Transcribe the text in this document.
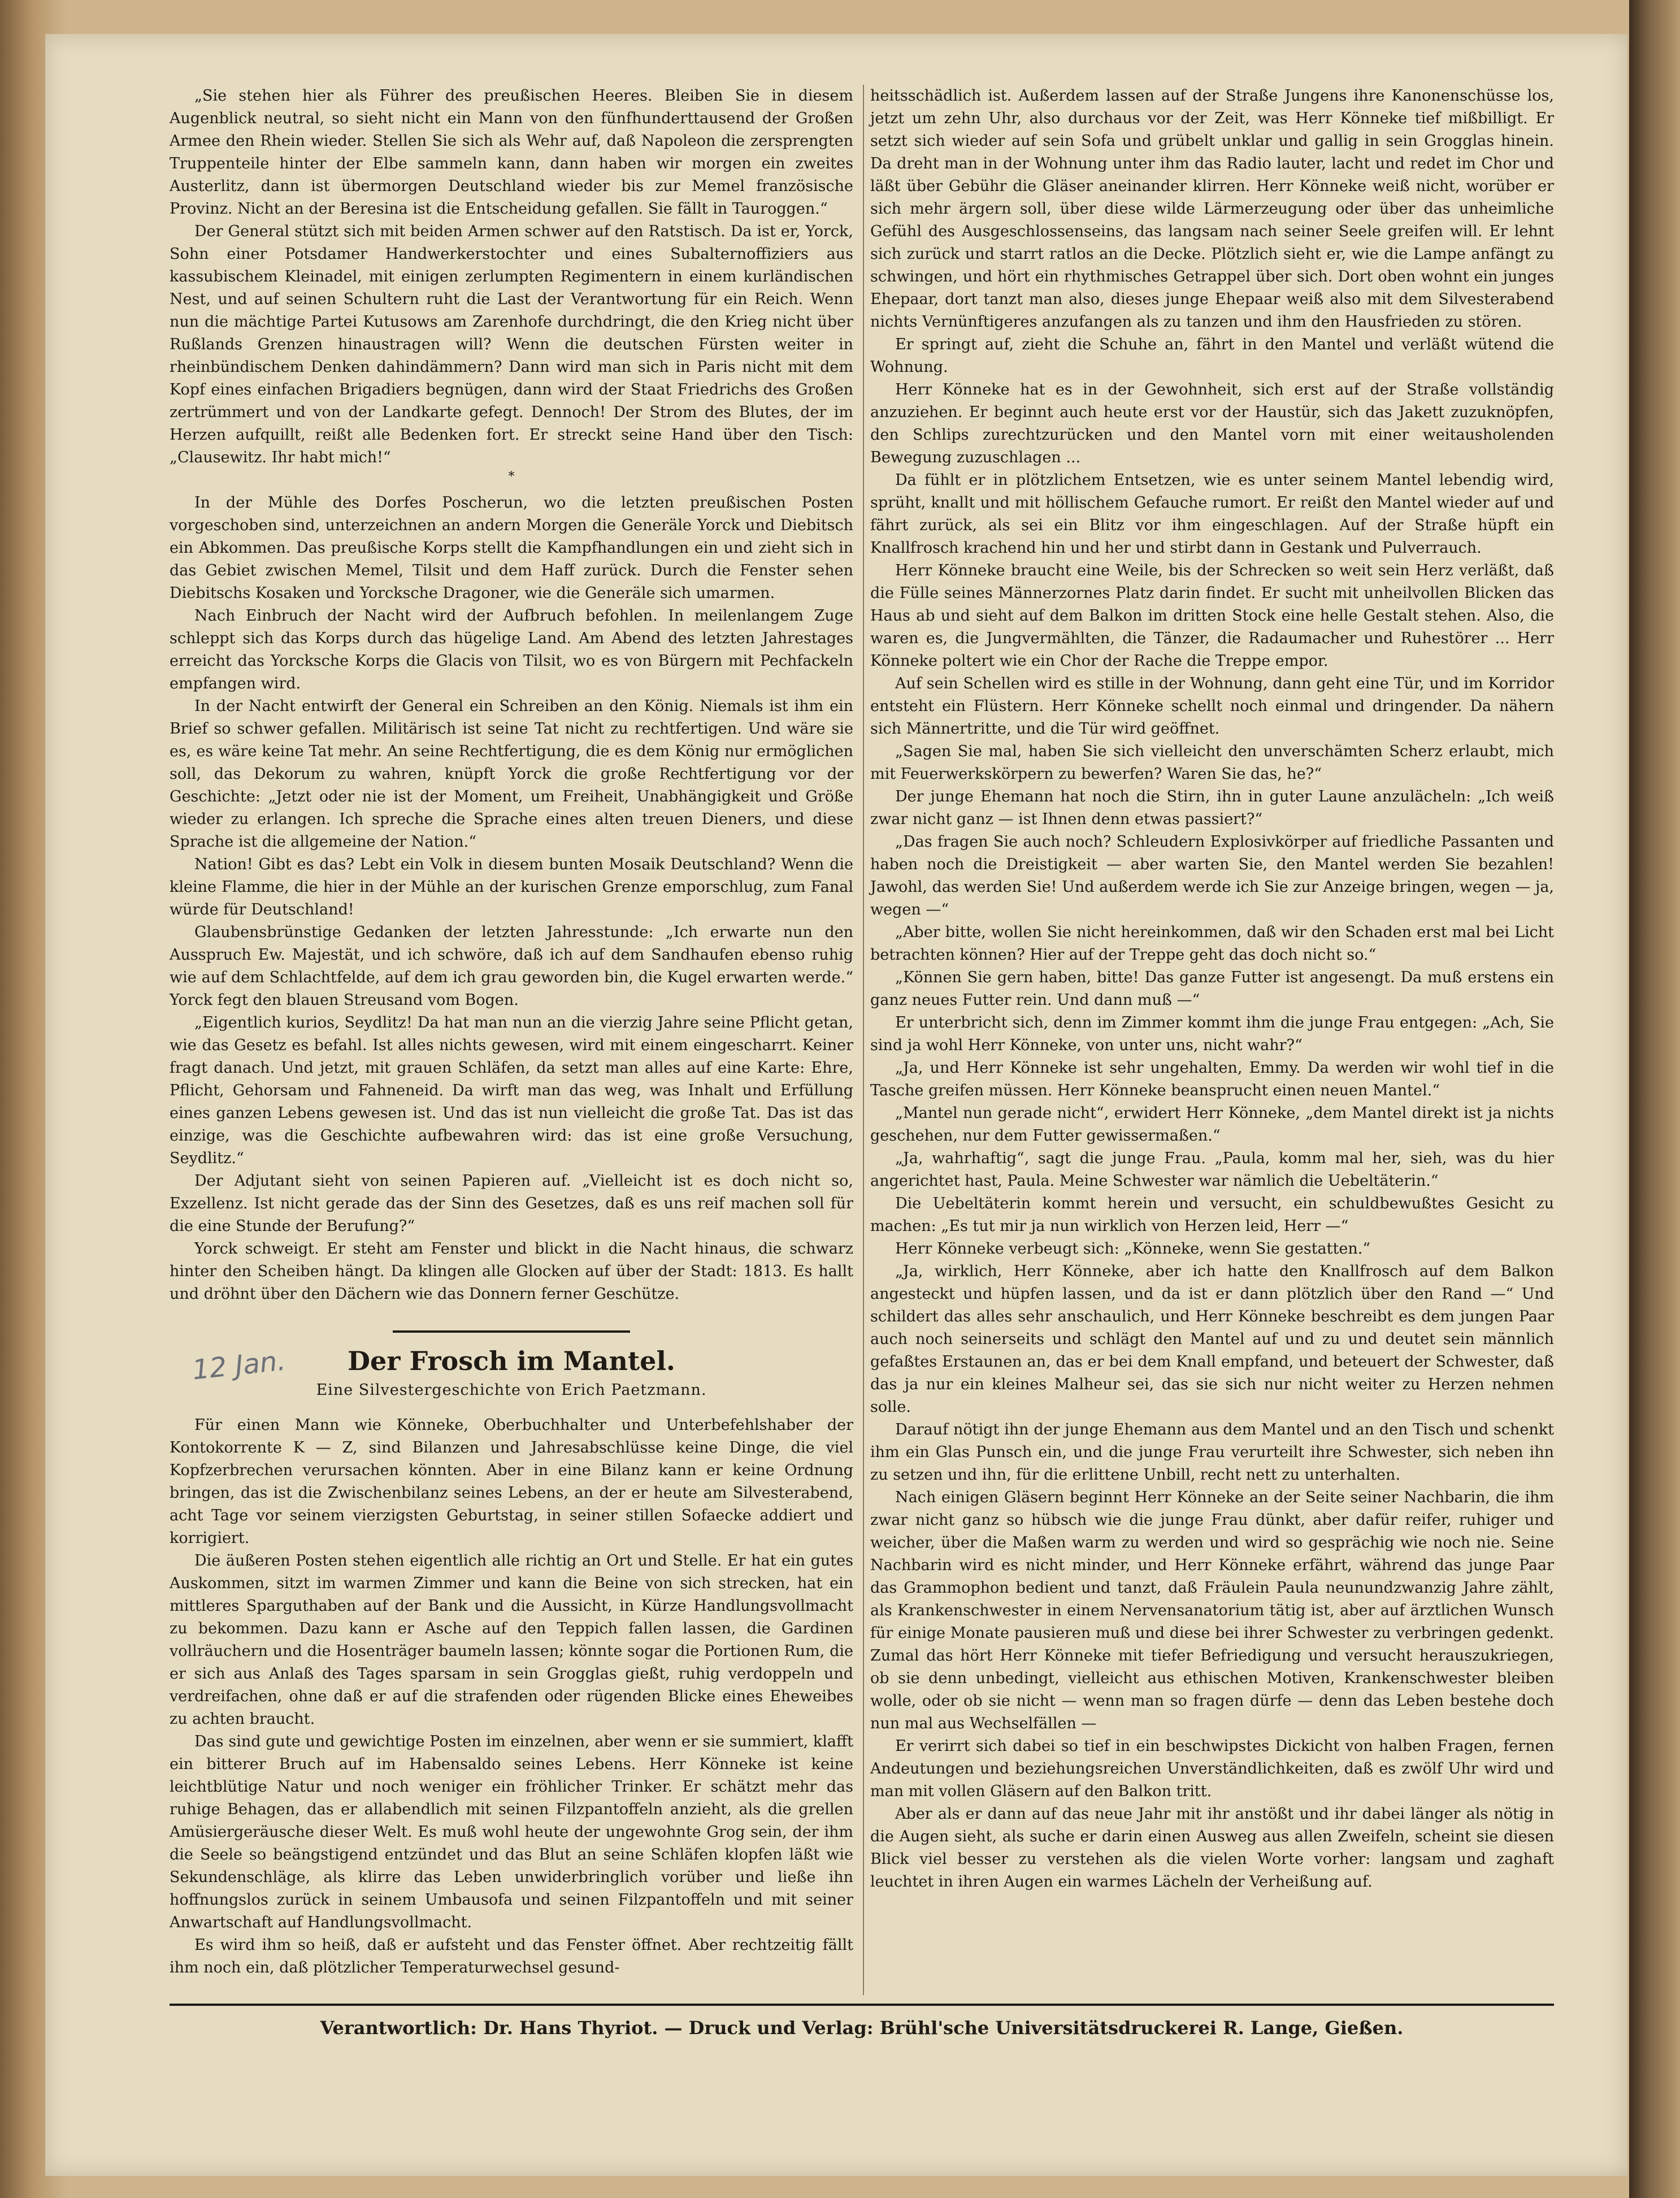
„Sie stehen hier als Führer des preußischen Heeres. Bleiben Sie in diesem Augenblick neutral, so sieht nicht ein Mann von den fünfhunderttausend der Großen Armee den Rhein wieder. Stellen Sie sich als Wehr auf, daß Napoleon die zersprengten Truppenteile hinter der Elbe sammeln kann, dann haben wir morgen ein zweites Austerlitz, dann ist übermorgen Deutschland wieder bis zur Memel französische Provinz. Nicht an der Beresina ist die Entscheidung gefallen. Sie fällt in Tauroggen.“

Der General stützt sich mit beiden Armen schwer auf den Ratstisch. Da ist er, Yorck, Sohn einer Potsdamer Handwerkerstochter und eines Subalternoffiziers aus kassubischem Kleinadel, mit einigen zerlumpten Regimentern in einem kurländischen Nest, und auf seinen Schultern ruht die Last der Verantwortung für ein Reich. Wenn nun die mächtige Partei Kutusows am Zarenhofe durchdringt, die den Krieg nicht über Rußlands Grenzen hinaustragen will? Wenn die deutschen Fürsten weiter in rheinbündischem Denken dahindämmern? Dann wird man sich in Paris nicht mit dem Kopf eines einfachen Brigadiers begnügen, dann wird der Staat Friedrichs des Großen zertrümmert und von der Landkarte gefegt. Dennoch! Der Strom des Blutes, der im Herzen aufquillt, reißt alle Bedenken fort. Er streckt seine Hand über den Tisch: „Clausewitz. Ihr habt mich!“

*

In der Mühle des Dorfes Poscherun, wo die letzten preußischen Posten vorgeschoben sind, unterzeichnen an andern Morgen die Generäle Yorck und Diebitsch ein Abkommen. Das preußische Korps stellt die Kampfhandlungen ein und zieht sich in das Gebiet zwischen Memel, Tilsit und dem Haff zurück. Durch die Fenster sehen Diebitschs Kosaken und Yorcksche Dragoner, wie die Generäle sich umarmen.

Nach Einbruch der Nacht wird der Aufbruch befohlen. In meilenlangem Zuge schleppt sich das Korps durch das hügelige Land. Am Abend des letzten Jahrestages erreicht das Yorcksche Korps die Glacis von Tilsit, wo es von Bürgern mit Pechfackeln empfangen wird.

In der Nacht entwirft der General ein Schreiben an den König. Niemals ist ihm ein Brief so schwer gefallen. Militärisch ist seine Tat nicht zu rechtfertigen. Und wäre sie es, es wäre keine Tat mehr. An seine Rechtfertigung, die es dem König nur ermöglichen soll, das Dekorum zu wahren, knüpft Yorck die große Rechtfertigung vor der Geschichte: „Jetzt oder nie ist der Moment, um Freiheit, Unabhängigkeit und Größe wieder zu erlangen. Ich spreche die Sprache eines alten treuen Dieners, und diese Sprache ist die allgemeine der Nation.“

Nation! Gibt es das? Lebt ein Volk in diesem bunten Mosaik Deutschland? Wenn die kleine Flamme, die hier in der Mühle an der kurischen Grenze emporschlug, zum Fanal würde für Deutschland!

Glaubensbrünstige Gedanken der letzten Jahresstunde: „Ich erwarte nun den Ausspruch Ew. Majestät, und ich schwöre, daß ich auf dem Sandhaufen ebenso ruhig wie auf dem Schlachtfelde, auf dem ich grau geworden bin, die Kugel erwarten werde.“ Yorck fegt den blauen Streusand vom Bogen.

„Eigentlich kurios, Seydlitz! Da hat man nun an die vierzig Jahre seine Pflicht getan, wie das Gesetz es befahl. Ist alles nichts gewesen, wird mit einem eingescharrt. Keiner fragt danach. Und jetzt, mit grauen Schläfen, da setzt man alles auf eine Karte: Ehre, Pflicht, Gehorsam und Fahneneid. Da wirft man das weg, was Inhalt und Erfüllung eines ganzen Lebens gewesen ist. Und das ist nun vielleicht die große Tat. Das ist das einzige, was die Geschichte aufbewahren wird: das ist eine große Versuchung, Seydlitz.“

Der Adjutant sieht von seinen Papieren auf. „Vielleicht ist es doch nicht so, Exzellenz. Ist nicht gerade das der Sinn des Gesetzes, daß es uns reif machen soll für die eine Stunde der Berufung?“

Yorck schweigt. Er steht am Fenster und blickt in die Nacht hinaus, die schwarz hinter den Scheiben hängt. Da klingen alle Glocken auf über der Stadt: 1813. Es hallt und dröhnt über den Dächern wie das Donnern ferner Geschütze.

12 Jan.	Der Frosch im Mantel.
Eine Silvestergeschichte von Erich Paetzmann.

Für einen Mann wie Könneke, Oberbuchhalter und Unterbefehlshaber der Kontokorrente K — Z, sind Bilanzen und Jahresabschlüsse keine Dinge, die viel Kopfzerbrechen verursachen könnten. Aber in eine Bilanz kann er keine Ordnung bringen, das ist die Zwischenbilanz seines Lebens, an der er heute am Silvesterabend, acht Tage vor seinem vierzigsten Geburtstag, in seiner stillen Sofaecke addiert und korrigiert.

Die äußeren Posten stehen eigentlich alle richtig an Ort und Stelle. Er hat ein gutes Auskommen, sitzt im warmen Zimmer und kann die Beine von sich strecken, hat ein mittleres Sparguthaben auf der Bank und die Aussicht, in Kürze Handlungsvollmacht zu bekommen. Dazu kann er Asche auf den Teppich fallen lassen, die Gardinen vollräuchern und die Hosenträger baumeln lassen; könnte sogar die Portionen Rum, die er sich aus Anlaß des Tages sparsam in sein Grogglas gießt, ruhig verdoppeln und verdreifachen, ohne daß er auf die strafenden oder rügenden Blicke eines Eheweibes zu achten braucht.

Das sind gute und gewichtige Posten im einzelnen, aber wenn er sie summiert, klafft ein bitterer Bruch auf im Habensaldo seines Lebens. Herr Könneke ist keine leichtblütige Natur und noch weniger ein fröhlicher Trinker. Er schätzt mehr das ruhige Behagen, das er allabendlich mit seinen Filzpantoffeln anzieht, als die grellen Amüsiergeräusche dieser Welt. Es muß wohl heute der ungewohnte Grog sein, der ihm die Seele so beängstigend entzündet und das Blut an seine Schläfen klopfen läßt wie Sekundenschläge, als klirre das Leben unwiderbringlich vorüber und ließe ihn hoffnungslos zurück in seinem Umbausofa und seinen Filzpantoffeln und mit seiner Anwartschaft auf Handlungsvollmacht.

Es wird ihm so heiß, daß er aufsteht und das Fenster öffnet. Aber rechtzeitig fällt ihm noch ein, daß plötzlicher Temperaturwechsel gesund-

heitsschädlich ist. Außerdem lassen auf der Straße Jungens ihre Kanonenschüsse los, jetzt um zehn Uhr, also durchaus vor der Zeit, was Herr Könneke tief mißbilligt. Er setzt sich wieder auf sein Sofa und grübelt unklar und gallig in sein Grogglas hinein. Da dreht man in der Wohnung unter ihm das Radio lauter, lacht und redet im Chor und läßt über Gebühr die Gläser aneinander klirren. Herr Könneke weiß nicht, worüber er sich mehr ärgern soll, über diese wilde Lärmerzeugung oder über das unheimliche Gefühl des Ausgeschlossenseins, das langsam nach seiner Seele greifen will. Er lehnt sich zurück und starrt ratlos an die Decke. Plötzlich sieht er, wie die Lampe anfängt zu schwingen, und hört ein rhythmisches Getrappel über sich. Dort oben wohnt ein junges Ehepaar, dort tanzt man also, dieses junge Ehepaar weiß also mit dem Silvesterabend nichts Vernünftigeres anzufangen als zu tanzen und ihm den Hausfrieden zu stören.

Er springt auf, zieht die Schuhe an, fährt in den Mantel und verläßt wütend die Wohnung.

Herr Könneke hat es in der Gewohnheit, sich erst auf der Straße vollständig anzuziehen. Er beginnt auch heute erst vor der Haustür, sich das Jakett zuzuknöpfen, den Schlips zurechtzurücken und den Mantel vorn mit einer weitausholenden Bewegung zuzuschlagen ...

Da fühlt er in plötzlichem Entsetzen, wie es unter seinem Mantel lebendig wird, sprüht, knallt und mit höllischem Gefauche rumort. Er reißt den Mantel wieder auf und fährt zurück, als sei ein Blitz vor ihm eingeschlagen. Auf der Straße hüpft ein Knallfrosch krachend hin und her und stirbt dann in Gestank und Pulverrauch.

Herr Könneke braucht eine Weile, bis der Schrecken so weit sein Herz verläßt, daß die Fülle seines Männerzornes Platz darin findet. Er sucht mit unheilvollen Blicken das Haus ab und sieht auf dem Balkon im dritten Stock eine helle Gestalt stehen. Also, die waren es, die Jungvermählten, die Tänzer, die Radaumacher und Ruhestörer ... Herr Könneke poltert wie ein Chor der Rache die Treppe empor.

Auf sein Schellen wird es stille in der Wohnung, dann geht eine Tür, und im Korridor entsteht ein Flüstern. Herr Könneke schellt noch einmal und dringender. Da nähern sich Männertritte, und die Tür wird geöffnet.

„Sagen Sie mal, haben Sie sich vielleicht den unverschämten Scherz erlaubt, mich mit Feuerwerkskörpern zu bewerfen? Waren Sie das, he?“

Der junge Ehemann hat noch die Stirn, ihn in guter Laune anzulächeln: „Ich weiß zwar nicht ganz — ist Ihnen denn etwas passiert?“

„Das fragen Sie auch noch? Schleudern Explosivkörper auf friedliche Passanten und haben noch die Dreistigkeit — aber warten Sie, den Mantel werden Sie bezahlen! Jawohl, das werden Sie! Und außerdem werde ich Sie zur Anzeige bringen, wegen — ja, wegen —“

„Aber bitte, wollen Sie nicht hereinkommen, daß wir den Schaden erst mal bei Licht betrachten können? Hier auf der Treppe geht das doch nicht so.“

„Können Sie gern haben, bitte! Das ganze Futter ist angesengt. Da muß erstens ein ganz neues Futter rein. Und dann muß —“

Er unterbricht sich, denn im Zimmer kommt ihm die junge Frau entgegen: „Ach, Sie sind ja wohl Herr Könneke, von unter uns, nicht wahr?“

„Ja, und Herr Könneke ist sehr ungehalten, Emmy. Da werden wir wohl tief in die Tasche greifen müssen. Herr Könneke beansprucht einen neuen Mantel.“

„Mantel nun gerade nicht“, erwidert Herr Könneke, „dem Mantel direkt ist ja nichts geschehen, nur dem Futter gewissermaßen.“

„Ja, wahrhaftig“, sagt die junge Frau. „Paula, komm mal her, sieh, was du hier angerichtet hast, Paula. Meine Schwester war nämlich die Uebeltäterin.“

Die Uebeltäterin kommt herein und versucht, ein schuldbewußtes Gesicht zu machen: „Es tut mir ja nun wirklich von Herzen leid, Herr —“

Herr Könneke verbeugt sich: „Könneke, wenn Sie gestatten.“

„Ja, wirklich, Herr Könneke, aber ich hatte den Knallfrosch auf dem Balkon angesteckt und hüpfen lassen, und da ist er dann plötzlich über den Rand —“ Und schildert das alles sehr anschaulich, und Herr Könneke beschreibt es dem jungen Paar auch noch seinerseits und schlägt den Mantel auf und zu und deutet sein männlich gefaßtes Erstaunen an, das er bei dem Knall empfand, und beteuert der Schwester, daß das ja nur ein kleines Malheur sei, das sie sich nur nicht weiter zu Herzen nehmen solle.

Darauf nötigt ihn der junge Ehemann aus dem Mantel und an den Tisch und schenkt ihm ein Glas Punsch ein, und die junge Frau verurteilt ihre Schwester, sich neben ihn zu setzen und ihn, für die erlittene Unbill, recht nett zu unterhalten.

Nach einigen Gläsern beginnt Herr Könneke an der Seite seiner Nachbarin, die ihm zwar nicht ganz so hübsch wie die junge Frau dünkt, aber dafür reifer, ruhiger und weicher, über die Maßen warm zu werden und wird so gesprächig wie noch nie. Seine Nachbarin wird es nicht minder, und Herr Könneke erfährt, während das junge Paar das Grammophon bedient und tanzt, daß Fräulein Paula neunundzwanzig Jahre zählt, als Krankenschwester in einem Nervensanatorium tätig ist, aber auf ärztlichen Wunsch für einige Monate pausieren muß und diese bei ihrer Schwester zu verbringen gedenkt. Zumal das hört Herr Könneke mit tiefer Befriedigung und versucht herauszukriegen, ob sie denn unbedingt, vielleicht aus ethischen Motiven, Krankenschwester bleiben wolle, oder ob sie nicht — wenn man so fragen dürfe — denn das Leben bestehe doch nun mal aus Wechselfällen —

Er verirrt sich dabei so tief in ein beschwipstes Dickicht von halben Fragen, fernen Andeutungen und beziehungsreichen Unverständlichkeiten, daß es zwölf Uhr wird und man mit vollen Gläsern auf den Balkon tritt.

Aber als er dann auf das neue Jahr mit ihr anstößt und ihr dabei länger als nötig in die Augen sieht, als suche er darin einen Ausweg aus allen Zweifeln, scheint sie diesen Blick viel besser zu verstehen als die vielen Worte vorher: langsam und zaghaft leuchtet in ihren Augen ein warmes Lächeln der Verheißung auf.

Verantwortlich: Dr. Hans Thyriot. — Druck und Verlag: Brühl'sche Universitätsdruckerei R. Lange, Gießen.
